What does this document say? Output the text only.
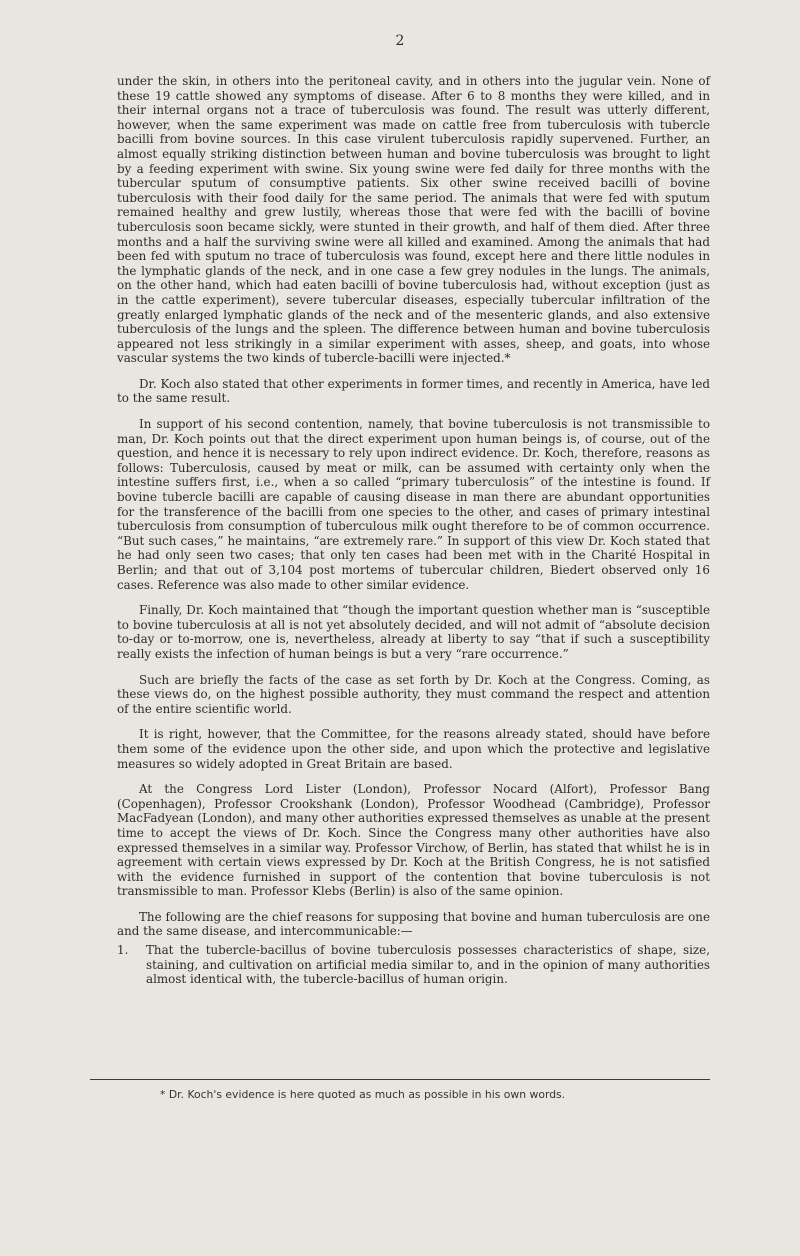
2

under the skin, in others into the peritoneal cavity, and in others into the jugular vein. None of these 19 cattle showed any symptoms of disease. After 6 to 8 months they were killed, and in their internal organs not a trace of tuberculosis was found. The result was utterly different, however, when the same experiment was made on cattle free from tuberculosis with tubercle bacilli from bovine sources. In this case virulent tuberculosis rapidly supervened. Further, an almost equally striking distinction between human and bovine tuberculosis was brought to light by a feeding experiment with swine. Six young swine were fed daily for three months with the tubercular sputum of consumptive patients. Six other swine received bacilli of bovine tuberculosis with their food daily for the same period. The animals that were fed with sputum remained healthy and grew lustily, whereas those that were fed with the bacilli of bovine tuberculosis soon became sickly, were stunted in their growth, and half of them died. After three months and a half the surviving swine were all killed and examined. Among the animals that had been fed with sputum no trace of tuberculosis was found, except here and there little nodules in the lymphatic glands of the neck, and in one case a few grey nodules in the lungs. The animals, on the other hand, which had eaten bacilli of bovine tuberculosis had, without exception (just as in the cattle experiment), severe tubercular diseases, especially tubercular infiltration of the greatly enlarged lymphatic glands of the neck and of the mesenteric glands, and also extensive tuberculosis of the lungs and the spleen. The difference between human and bovine tuberculosis appeared not less strikingly in a similar experiment with asses, sheep, and goats, into whose vascular systems the two kinds of tubercle-bacilli were injected.*

Dr. Koch also stated that other experiments in former times, and recently in America, have led to the same result.

In support of his second contention, namely, that bovine tuberculosis is not transmissible to man, Dr. Koch points out that the direct experiment upon human beings is, of course, out of the question, and hence it is necessary to rely upon indirect evidence. Dr. Koch, therefore, reasons as follows: Tuberculosis, caused by meat or milk, can be assumed with certainty only when the intestine suffers first, i.e., when a so called “primary tuberculosis” of the intestine is found. If bovine tubercle bacilli are capable of causing disease in man there are abundant opportunities for the transference of the bacilli from one species to the other, and cases of primary intestinal tuberculosis from consumption of tuberculous milk ought therefore to be of common occurrence. “But such cases,” he maintains, “are extremely rare.” In support of this view Dr. Koch stated that he had only seen two cases; that only ten cases had been met with in the Charité Hospital in Berlin; and that out of 3,104 post mortems of tubercular children, Biedert observed only 16 cases. Reference was also made to other similar evidence.

Finally, Dr. Koch maintained that “though the important question whether man is “susceptible to bovine tuberculosis at all is not yet absolutely decided, and will not admit of “absolute decision to-day or to-morrow, one is, nevertheless, already at liberty to say “that if such a susceptibility really exists the infection of human beings is but a very “rare occurrence.”

Such are briefly the facts of the case as set forth by Dr. Koch at the Congress. Coming, as these views do, on the highest possible authority, they must command the respect and attention of the entire scientific world.

It is right, however, that the Committee, for the reasons already stated, should have before them some of the evidence upon the other side, and upon which the protective and legislative measures so widely adopted in Great Britain are based.

At the Congress Lord Lister (London), Professor Nocard (Alfort), Professor Bang (Copenhagen), Professor Crookshank (London), Professor Woodhead (Cambridge), Professor MacFadyean (London), and many other authorities expressed themselves as unable at the present time to accept the views of Dr. Koch. Since the Congress many other authorities have also expressed themselves in a similar way. Professor Virchow, of Berlin, has stated that whilst he is in agreement with certain views expressed by Dr. Koch at the British Congress, he is not satisfied with the evidence furnished in support of the contention that bovine tuberculosis is not transmissible to man. Professor Klebs (Berlin) is also of the same opinion.

The following are the chief reasons for supposing that bovine and human tuberculosis are one and the same disease, and intercommunicable:—

1. That the tubercle-bacillus of bovine tuberculosis possesses characteristics of shape, size, staining, and cultivation on artificial media similar to, and in the opinion of many authorities almost identical with, the tubercle-bacillus of human origin.
* Dr. Koch's evidence is here quoted as much as possible in his own words.
